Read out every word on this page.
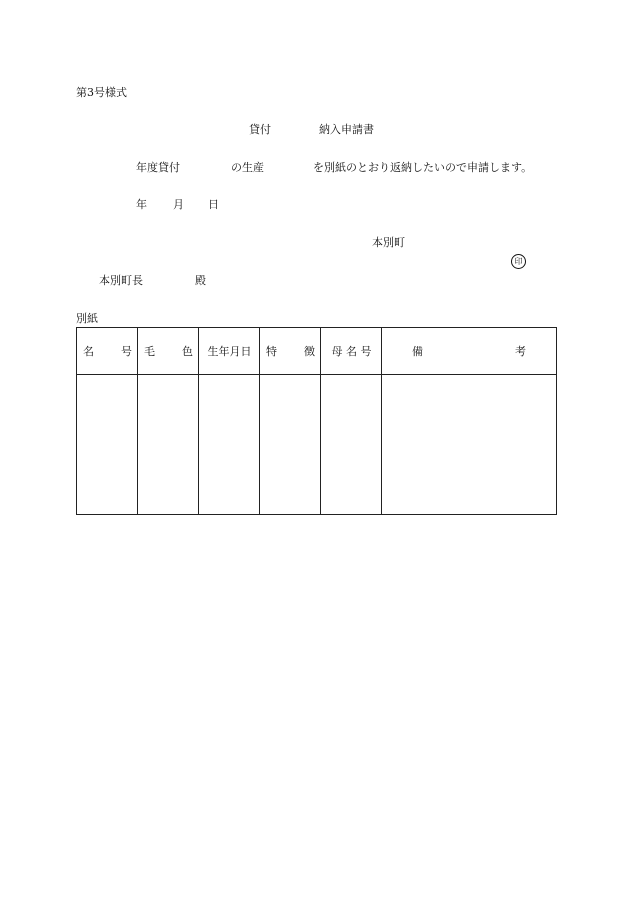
第3号様式
貸付	納入申請書
年度貸付	の生産	を別紙のとおり返納したいので申請します。
年 月 日
本別町
印
本別町長	殿
別紙
名 号	毛 色	生年月日	特 徴	母 名 号	備 考
